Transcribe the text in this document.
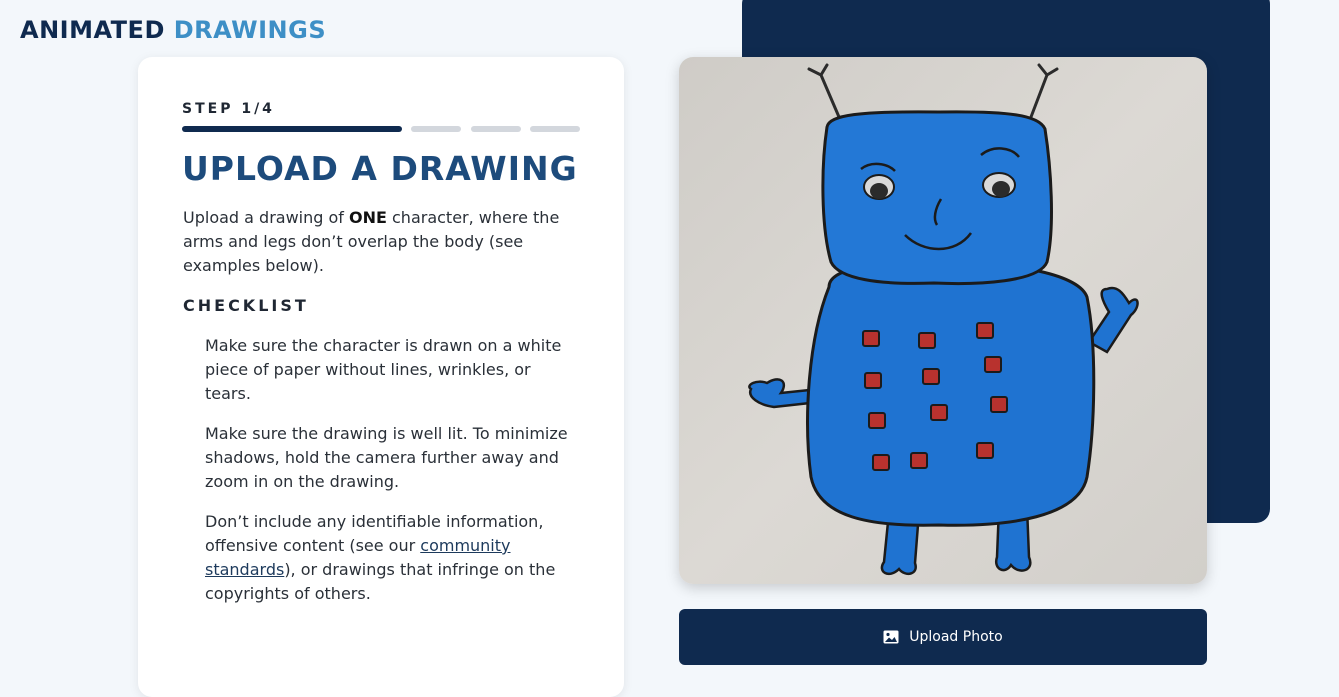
ANIMATED DRAWINGS
STEP 1/4
UPLOAD A DRAWING

Upload a drawing of ONE character, where the arms and legs don’t overlap the body (see examples below).

CHECKLIST
Make sure the character is drawn on a white piece of paper without lines, wrinkles, or tears.
Make sure the drawing is well lit. To minimize shadows, hold the camera further away and zoom in on the drawing.
Don’t include any identifiable information, offensive content (see our community standards), or drawings that infringe on the copyrights of others.
Upload Photo
